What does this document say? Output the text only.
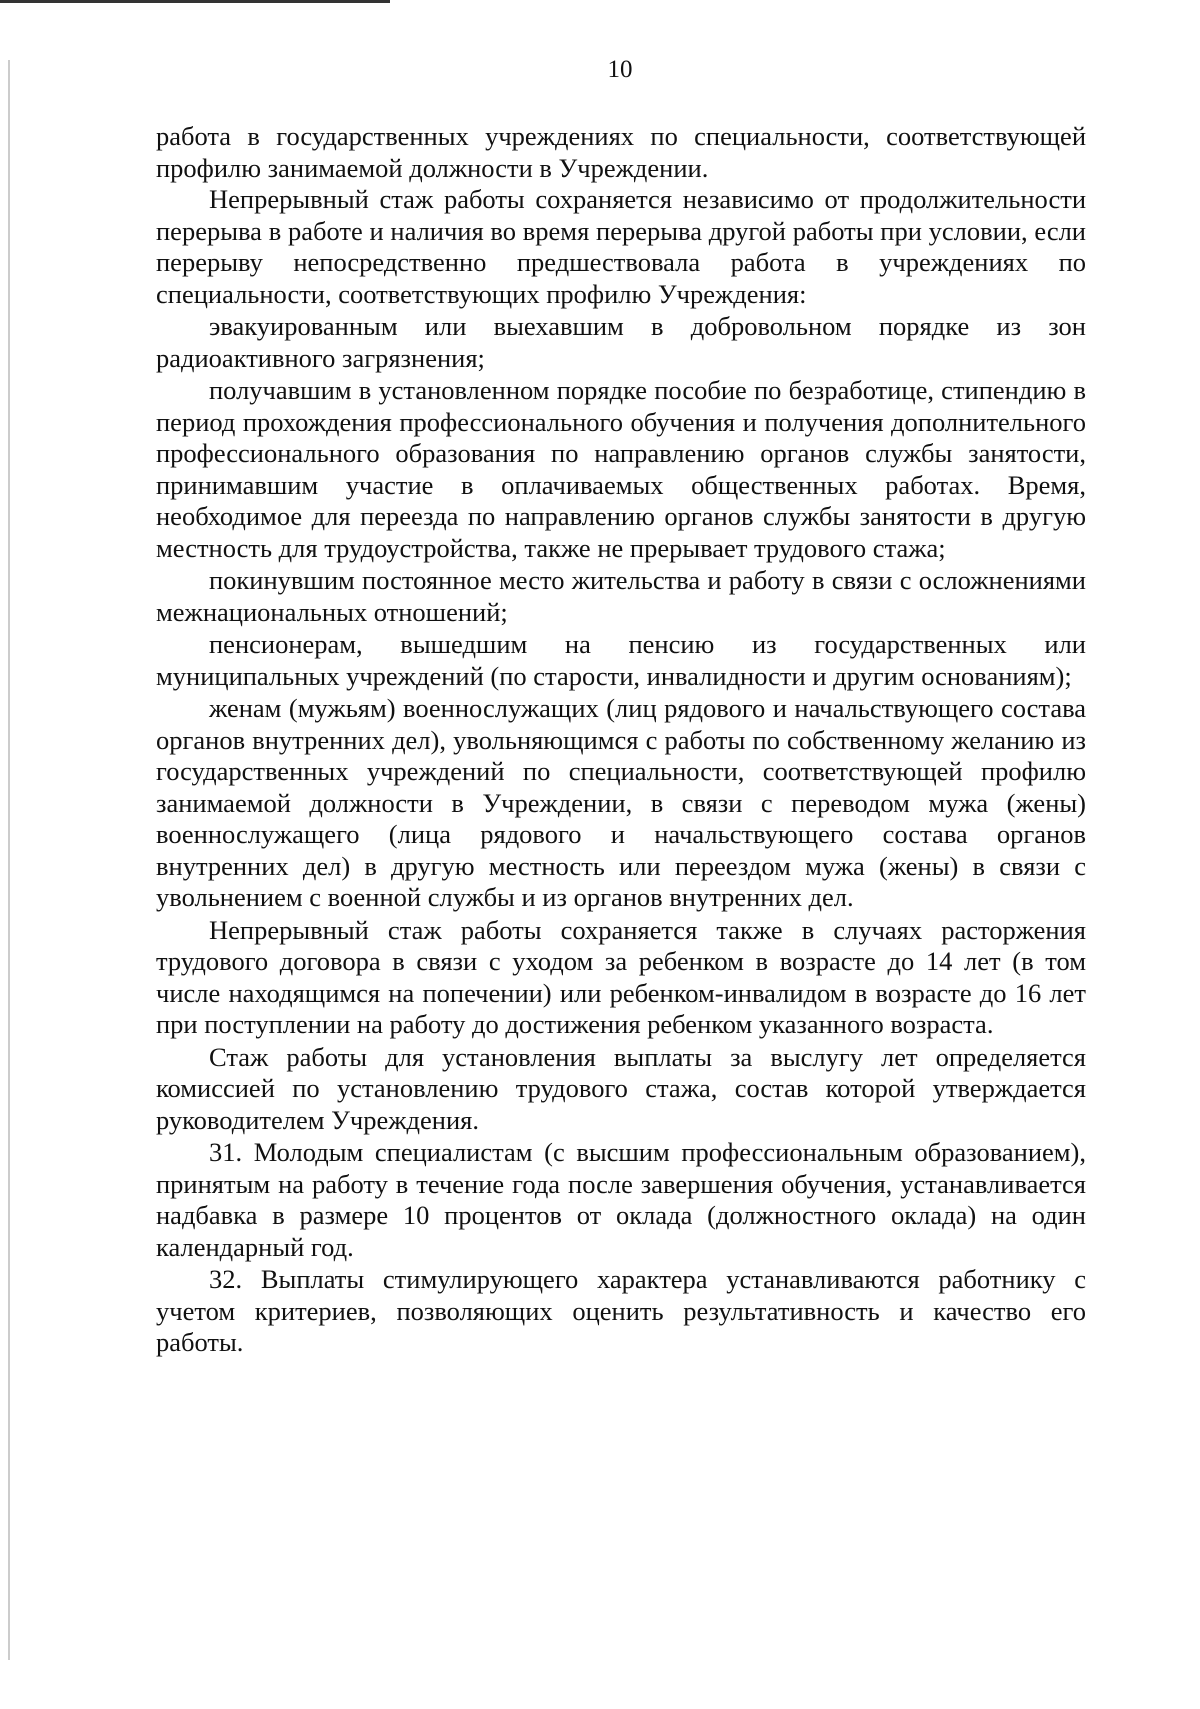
10

работа в государственных учреждениях по специальности, соответствующей профилю занимаемой должности в Учреждении.

Непрерывный стаж работы сохраняется независимо от продолжительности перерыва в работе и наличия во время перерыва другой работы при условии, если перерыву непосредственно предшествовала работа в учреждениях по специальности, соответствующих профилю Учреждения:

эвакуированным или выехавшим в добровольном порядке из зон радиоактивного загрязнения;

получавшим в установленном порядке пособие по безработице, стипендию в период прохождения профессионального обучения и получения дополнительного профессионального образования по направлению органов службы занятости, принимавшим участие в оплачиваемых общественных работах. Время, необходимое для переезда по направлению органов службы занятости в другую местность для трудоустройства, также не прерывает трудового стажа;

покинувшим постоянное место жительства и работу в связи с осложнениями межнациональных отношений;

пенсионерам, вышедшим на пенсию из государственных или муниципальных учреждений (по старости, инвалидности и другим основаниям);

женам (мужьям) военнослужащих (лиц рядового и начальствующего состава органов внутренних дел), увольняющимся с работы по собственному желанию из государственных учреждений по специальности, соответствующей профилю занимаемой должности в Учреждении, в связи с переводом мужа (жены) военнослужащего (лица рядового и начальствующего состава органов внутренних дел) в другую местность или переездом мужа (жены) в связи с увольнением с военной службы и из органов внутренних дел.

Непрерывный стаж работы сохраняется также в случаях расторжения трудового договора в связи с уходом за ребенком в возрасте до 14 лет (в том числе находящимся на попечении) или ребенком-инвалидом в возрасте до 16 лет при поступлении на работу до достижения ребенком указанного возраста.

Стаж работы для установления выплаты за выслугу лет определяется комиссией по установлению трудового стажа, состав которой утверждается руководителем Учреждения.

31. Молодым специалистам (с высшим профессиональным образованием), принятым на работу в течение года после завершения обучения, устанавливается надбавка в размере 10 процентов от оклада (должностного оклада) на один календарный год.

32. Выплаты стимулирующего характера устанавливаются работнику с учетом критериев, позволяющих оценить результативность и качество его работы.
